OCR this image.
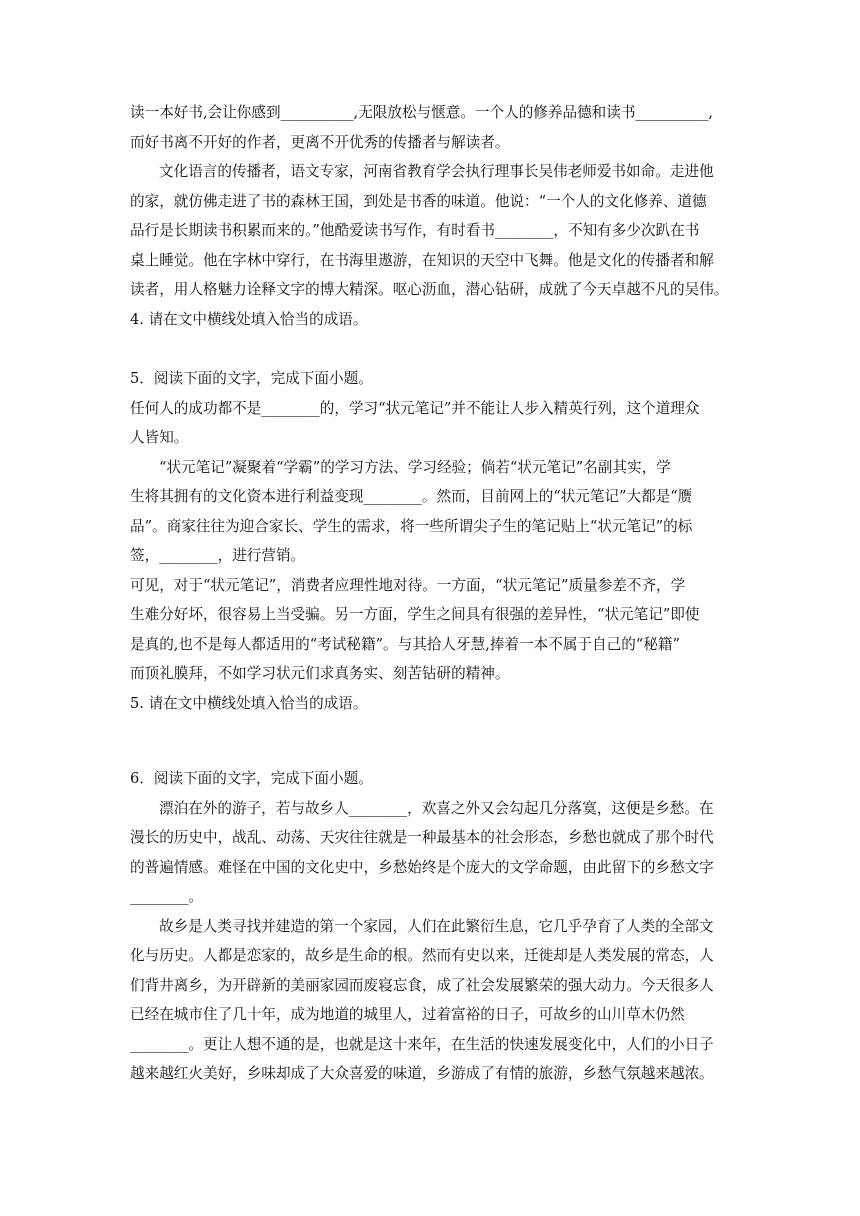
读一本好书,会让你感到__________,无限放松与惬意。一个人的修养品德和读书__________,
而好书离不开好的作者，更离不开优秀的传播者与解读者。
文化语言的传播者，语文专家，河南省教育学会执行理事长吴伟老师爱书如命。走进他
的家，就仿佛走进了书的森林王国，到处是书香的味道。他说：“一个人的文化修养、道德
品行是长期读书积累而来的。”他酷爱读书写作，有时看书________，不知有多少次趴在书
桌上睡觉。他在字林中穿行，在书海里遨游，在知识的天空中飞舞。他是文化的传播者和解
读者，用人格魅力诠释文字的博大精深。呕心沥血，潜心钻研，成就了今天卓越不凡的吴伟。
4. 请在文中横线处填入恰当的成语。
5．阅读下面的文字，完成下面小题。
任何人的成功都不是________的，学习“状元笔记”并不能让人步入精英行列，这个道理众
人皆知。
“状元笔记”凝聚着“学霸”的学习方法、学习经验；倘若“状元笔记”名副其实，学
生将其拥有的文化资本进行利益变现________。然而，目前网上的“状元笔记”大都是“赝
品”。商家往往为迎合家长、学生的需求，将一些所谓尖子生的笔记贴上“状元笔记”的标
签，________，进行营销。
可见，对于“状元笔记”，消费者应理性地对待。一方面，“状元笔记”质量参差不齐，学
生难分好坏，很容易上当受骗。另一方面，学生之间具有很强的差异性，“状元笔记”即使
是真的,也不是每人都适用的“考试秘籍”。与其拾人牙慧,捧着一本不属于自己的“秘籍”
而顶礼膜拜，不如学习状元们求真务实、刻苦钻研的精神。
5. 请在文中横线处填入恰当的成语。
6．阅读下面的文字，完成下面小题。
漂泊在外的游子，若与故乡人________，欢喜之外又会勾起几分落寞，这便是乡愁。在
漫长的历史中，战乱、动荡、天灾往往就是一种最基本的社会形态，乡愁也就成了那个时代
的普遍情感。难怪在中国的文化史中，乡愁始终是个庞大的文学命题，由此留下的乡愁文字
________。
故乡是人类寻找并建造的第一个家园，人们在此繁衍生息，它几乎孕育了人类的全部文
化与历史。人都是恋家的，故乡是生命的根。然而有史以来，迁徙却是人类发展的常态，人
们背井离乡，为开辟新的美丽家园而废寝忘食，成了社会发展繁荣的强大动力。今天很多人
已经在城市住了几十年，成为地道的城里人，过着富裕的日子，可故乡的山川草木仍然
________。更让人想不通的是，也就是这十来年，在生活的快速发展变化中，人们的小日子
越来越红火美好，乡味却成了大众喜爱的味道，乡游成了有情的旅游，乡愁气氛越来越浓。
